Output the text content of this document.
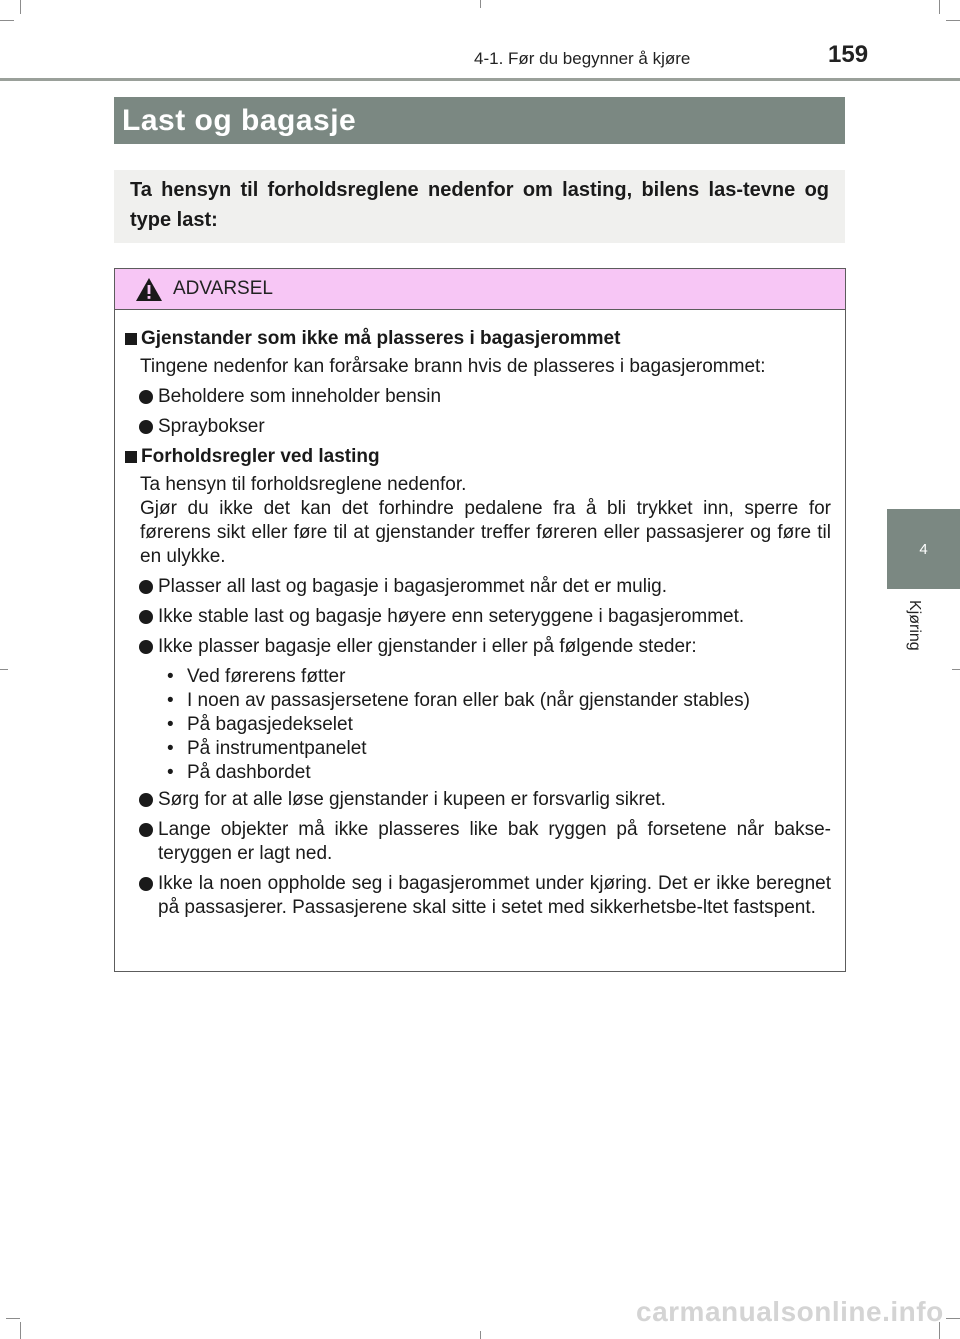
4-1. Før du begynner å kjøre	159
Last og bagasje

Ta hensyn til forholdsreglene nedenfor om lasting, bilens las-tevne og type last:

ADVARSEL
Gjenstander som ikke må plasseres i bagasjerommet
Tingene nedenfor kan forårsake brann hvis de plasseres i bagasjerommet:
Beholdere som inneholder bensin
Spraybokser
Forholdsregler ved lasting
Ta hensyn til forholdsreglene nedenfor.
Gjør du ikke det kan det forhindre pedalene fra å bli trykket inn, sperre for førerens sikt eller føre til at gjenstander treffer føreren eller passasjerer og føre til en ulykke.
Plasser all last og bagasje i bagasjerommet når det er mulig.
Ikke stable last og bagasje høyere enn seteryggene i bagasjerommet.
Ikke plasser bagasje eller gjenstander i eller på følgende steder:
• Ved førerens føtter
• I noen av passasjersetene foran eller bak (når gjenstander stables)
• På bagasjedekselet
• På instrumentpanelet
• På dashbordet
Sørg for at alle løse gjenstander i kupeen er forsvarlig sikret.
Lange objekter må ikke plasseres like bak ryggen på forsetene når bakse-teryggen er lagt ned.
Ikke la noen oppholde seg i bagasjerommet under kjøring. Det er ikke beregnet på passasjerer. Passasjerene skal sitte i setet med sikkerhetsbe-ltet fastspent.
4
Kjøring
carmanualsonline.info
